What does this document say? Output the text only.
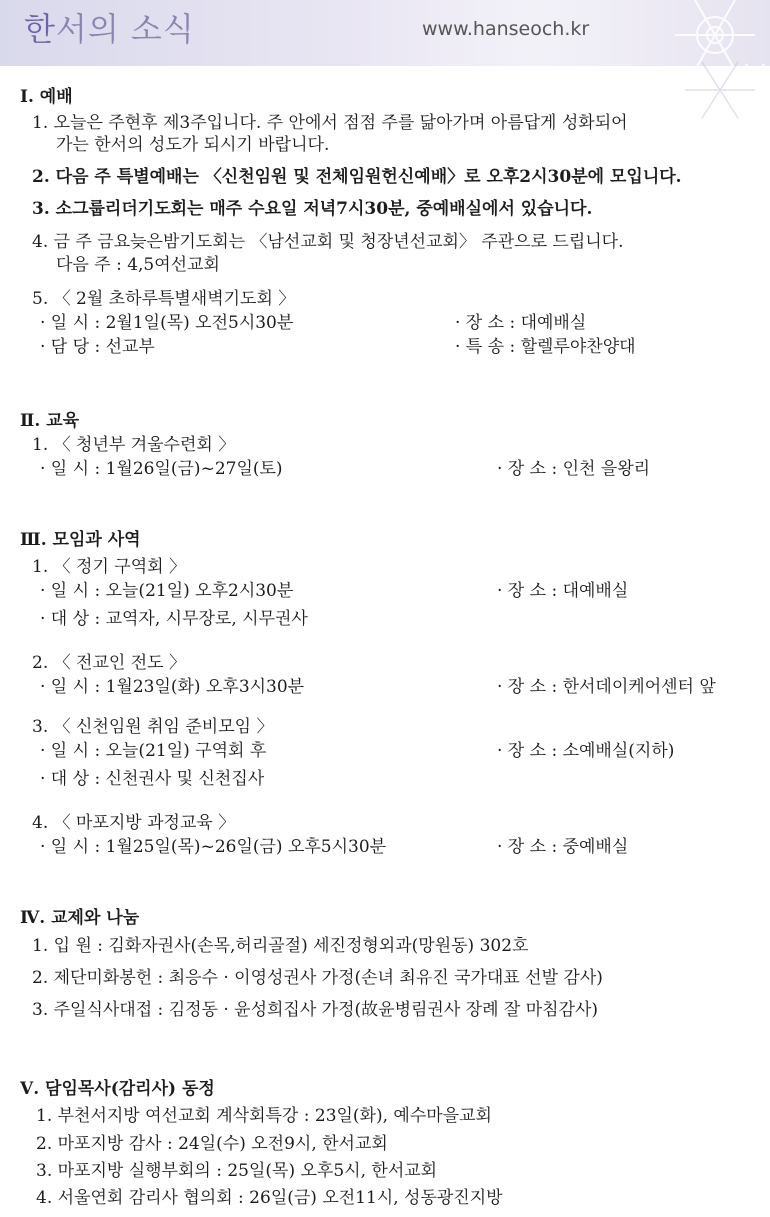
한서의 소식	www.hanseoch.kr
Ⅰ. 예배
1. 오늘은 주현후 제3주입니다. 주 안에서 점점 주를 닮아가며 아름답게 성화되어
가는 한서의 성도가 되시기 바랍니다.
2. 다음 주 특별예배는 〈신천임원 및 전체임원헌신예배〉로 오후2시30분에 모입니다.
3. 소그룹리더기도회는 매주 수요일 저녁7시30분, 중예배실에서 있습니다.
4. 금 주 금요늦은밤기도회는 〈남선교회 및 청장년선교회〉 주관으로 드립니다.
다음 주 : 4,5여선교회
5. 〈 2월 초하루특별새벽기도회 〉
· 일 시 : 2월1일(목) 오전5시30분	· 장 소 : 대예배실
· 담 당 : 선교부	· 특 송 : 할렐루야찬양대
Ⅱ. 교육
1. 〈 청년부 겨울수련회 〉
· 일 시 : 1월26일(금)~27일(토)	· 장 소 : 인천 을왕리
Ⅲ. 모임과 사역
1. 〈 정기 구역회 〉
· 일 시 : 오늘(21일) 오후2시30분	· 장 소 : 대예배실
· 대 상 : 교역자, 시무장로, 시무권사
2. 〈 전교인 전도 〉
· 일 시 : 1월23일(화) 오후3시30분	· 장 소 : 한서데이케어센터 앞
3. 〈 신천임원 취임 준비모임 〉
· 일 시 : 오늘(21일) 구역회 후	· 장 소 : 소예배실(지하)
· 대 상 : 신천권사 및 신천집사
4. 〈 마포지방 과정교육 〉
· 일 시 : 1월25일(목)~26일(금) 오후5시30분	· 장 소 : 중예배실
Ⅳ. 교제와 나눔
1. 입 원 : 김화자권사(손목,허리골절) 세진정형외과(망원동) 302호
2. 제단미화봉헌 : 최응수 · 이영성권사 가정(손녀 최유진 국가대표 선발 감사)
3. 주일식사대접 : 김정동 · 윤성희집사 가정(故윤병림권사 장례 잘 마침감사)
Ⅴ. 담임목사(감리사) 동정
1. 부천서지방 여선교회 계삭회특강 : 23일(화), 예수마을교회
2. 마포지방 감사 : 24일(수) 오전9시, 한서교회
3. 마포지방 실행부회의 : 25일(목) 오후5시, 한서교회
4. 서울연회 감리사 협의회 : 26일(금) 오전11시, 성동광진지방
